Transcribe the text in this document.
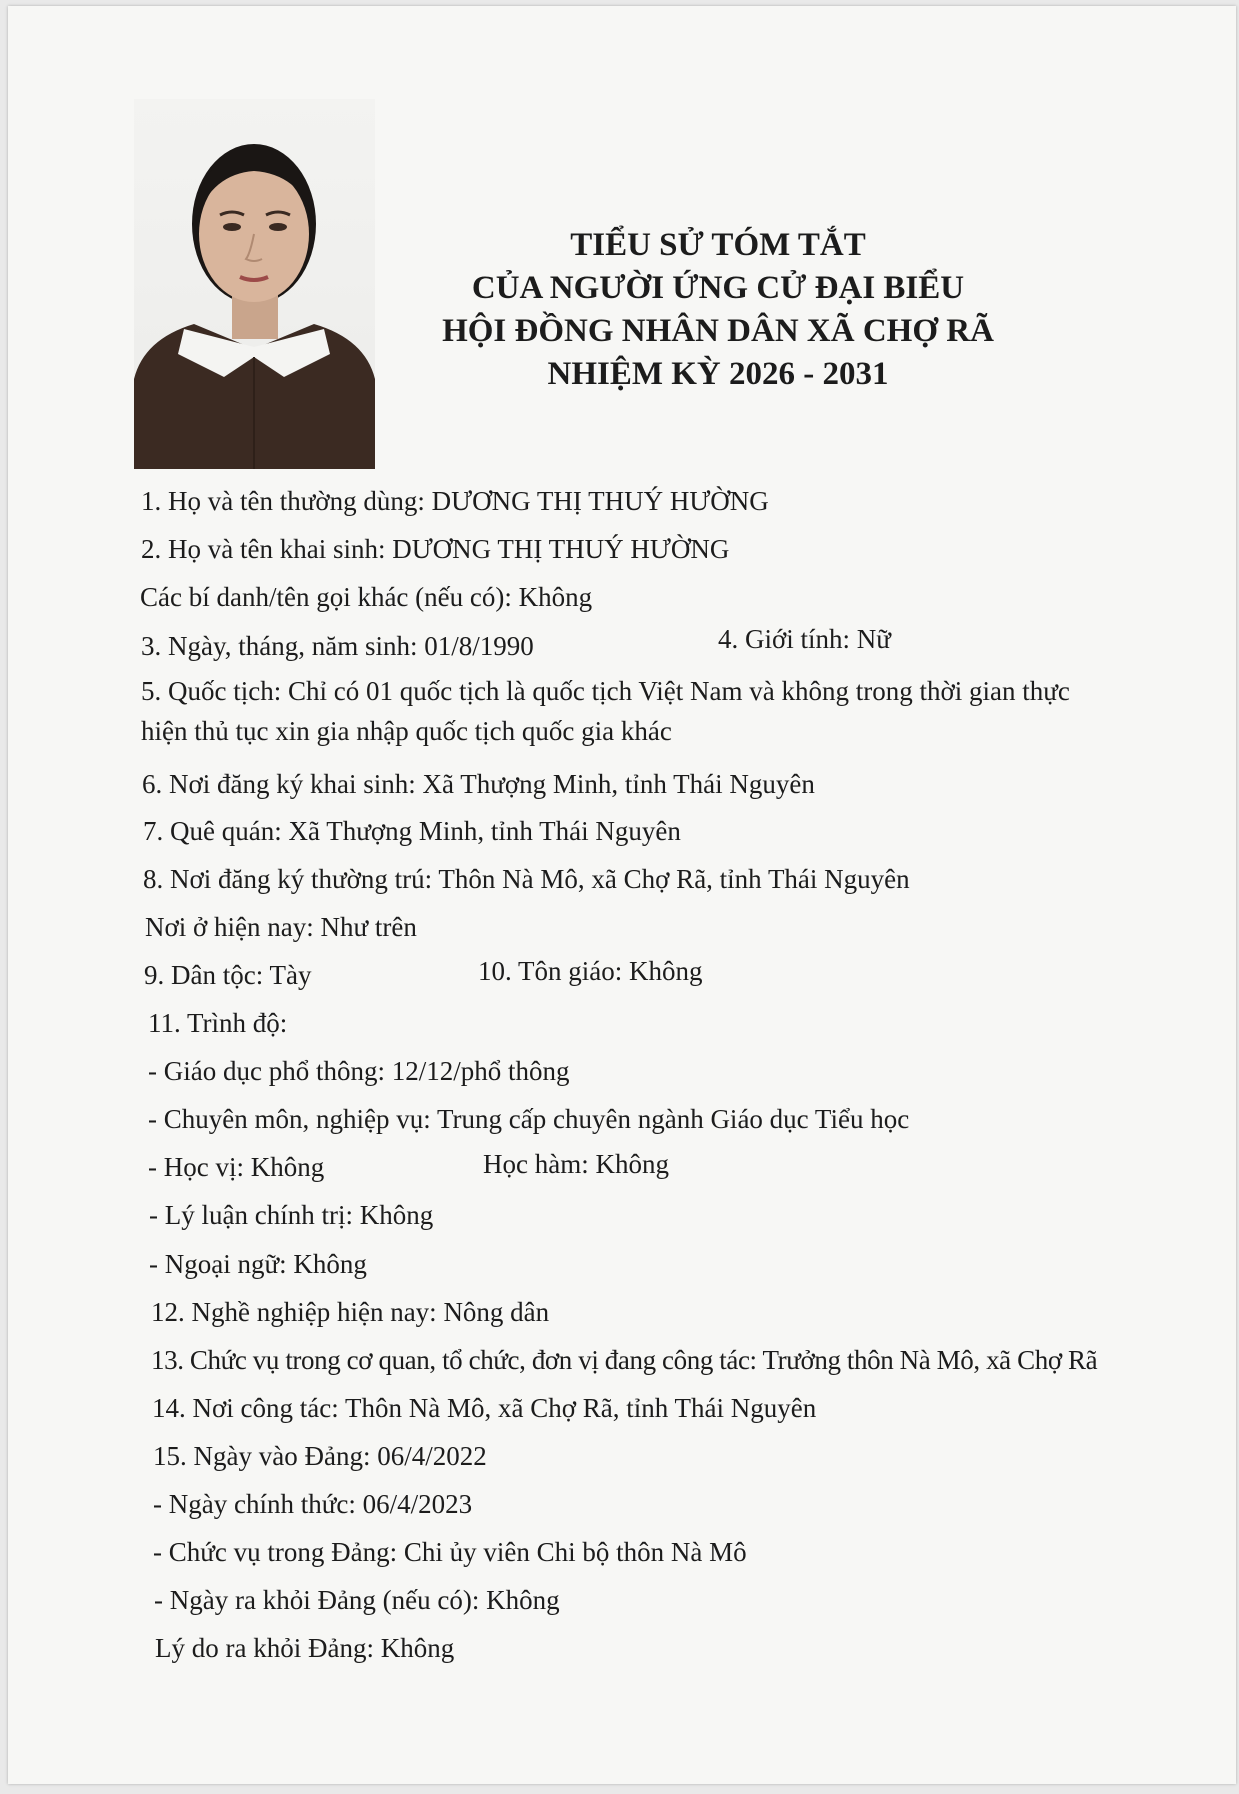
TIỂU SỬ TÓM TẮT
CỦA NGƯỜI ỨNG CỬ ĐẠI BIỂU
HỘI ĐỒNG NHÂN DÂN XÃ CHỢ RÃ
NHIỆM KỲ 2026 - 2031
1. Họ và tên thường dùng: DƯƠNG THỊ THUÝ HƯỜNG
2. Họ và tên khai sinh: DƯƠNG THỊ THUÝ HƯỜNG
Các bí danh/tên gọi khác (nếu có): Không
3. Ngày, tháng, năm sinh: 01/8/1990	4. Giới tính: Nữ
5. Quốc tịch: Chỉ có 01 quốc tịch là quốc tịch Việt Nam và không trong thời gian thực
hiện thủ tục xin gia nhập quốc tịch quốc gia khác
6. Nơi đăng ký khai sinh: Xã Thượng Minh, tỉnh Thái Nguyên
7. Quê quán: Xã Thượng Minh, tỉnh Thái Nguyên
8. Nơi đăng ký thường trú: Thôn Nà Mô, xã Chợ Rã, tỉnh Thái Nguyên
Nơi ở hiện nay: Như trên
9. Dân tộc: Tày	10. Tôn giáo: Không
11. Trình độ:
- Giáo dục phổ thông: 12/12/phổ thông
- Chuyên môn, nghiệp vụ: Trung cấp chuyên ngành Giáo dục Tiểu học
- Học vị: Không	Học hàm: Không
- Lý luận chính trị: Không
- Ngoại ngữ: Không
12. Nghề nghiệp hiện nay: Nông dân
13. Chức vụ trong cơ quan, tổ chức, đơn vị đang công tác: Trưởng thôn Nà Mô, xã Chợ Rã
14. Nơi công tác: Thôn Nà Mô, xã Chợ Rã, tỉnh Thái Nguyên
15. Ngày vào Đảng: 06/4/2022
- Ngày chính thức: 06/4/2023
- Chức vụ trong Đảng: Chi ủy viên Chi bộ thôn Nà Mô
- Ngày ra khỏi Đảng (nếu có): Không
Lý do ra khỏi Đảng: Không
